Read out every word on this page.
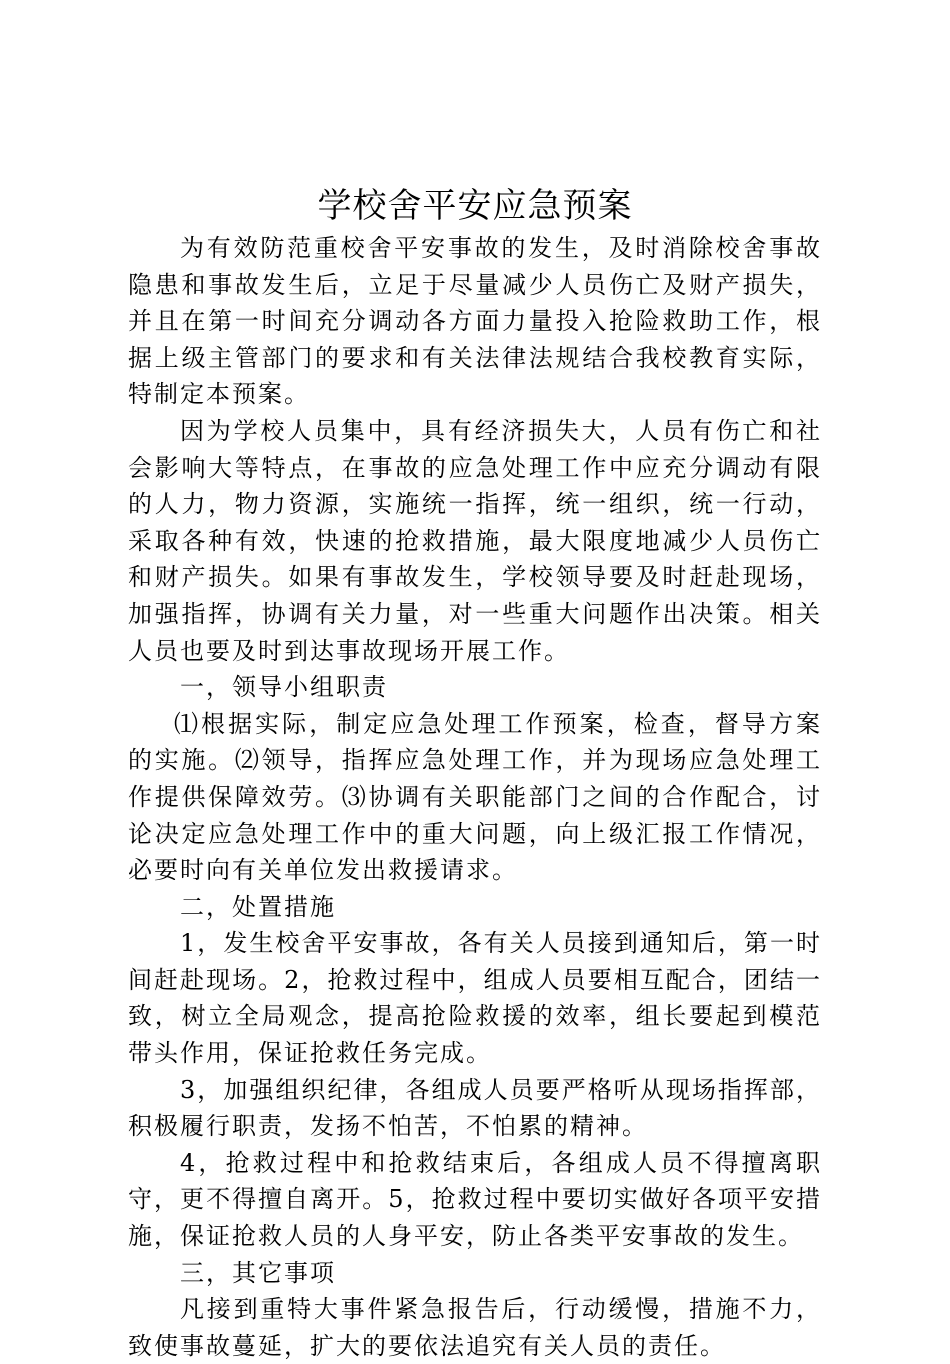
学校舍平安应急预案

为有效防范重校舍平安事故的发生，及时消除校舍事故隐患和事故发生后，立足于尽量减少人员伤亡及财产损失，并且在第一时间充分调动各方面力量投入抢险救助工作，根据上级主管部门的要求和有关法律法规结合我校教育实际，特制定本预案。

因为学校人员集中，具有经济损失大，人员有伤亡和社会影响大等特点，在事故的应急处理工作中应充分调动有限的人力，物力资源，实施统一指挥，统一组织，统一行动，采取各种有效，快速的抢救措施，最大限度地减少人员伤亡和财产损失。如果有事故发生，学校领导要及时赶赴现场，加强指挥，协调有关力量，对一些重大问题作出决策。相关人员也要及时到达事故现场开展工作。

一，领导小组职责

⑴根据实际，制定应急处理工作预案，检查，督导方案的实施。⑵领导，指挥应急处理工作，并为现场应急处理工作提供保障效劳。⑶协调有关职能部门之间的合作配合，讨论决定应急处理工作中的重大问题，向上级汇报工作情况，必要时向有关单位发出救援请求。

二，处置措施

1，发生校舍平安事故，各有关人员接到通知后，第一时间赶赴现场。2，抢救过程中，组成人员要相互配合，团结一致，树立全局观念，提高抢险救援的效率，组长要起到模范带头作用，保证抢救任务完成。

3，加强组织纪律，各组成人员要严格听从现场指挥部，积极履行职责，发扬不怕苦，不怕累的精神。

4，抢救过程中和抢救结束后，各组成人员不得擅离职守，更不得擅自离开。5，抢救过程中要切实做好各项平安措施，保证抢救人员的人身平安，防止各类平安事故的发生。

三，其它事项

凡接到重特大事件紧急报告后，行动缓慢，措施不力，致使事故蔓延，扩大的要依法追究有关人员的责任。
